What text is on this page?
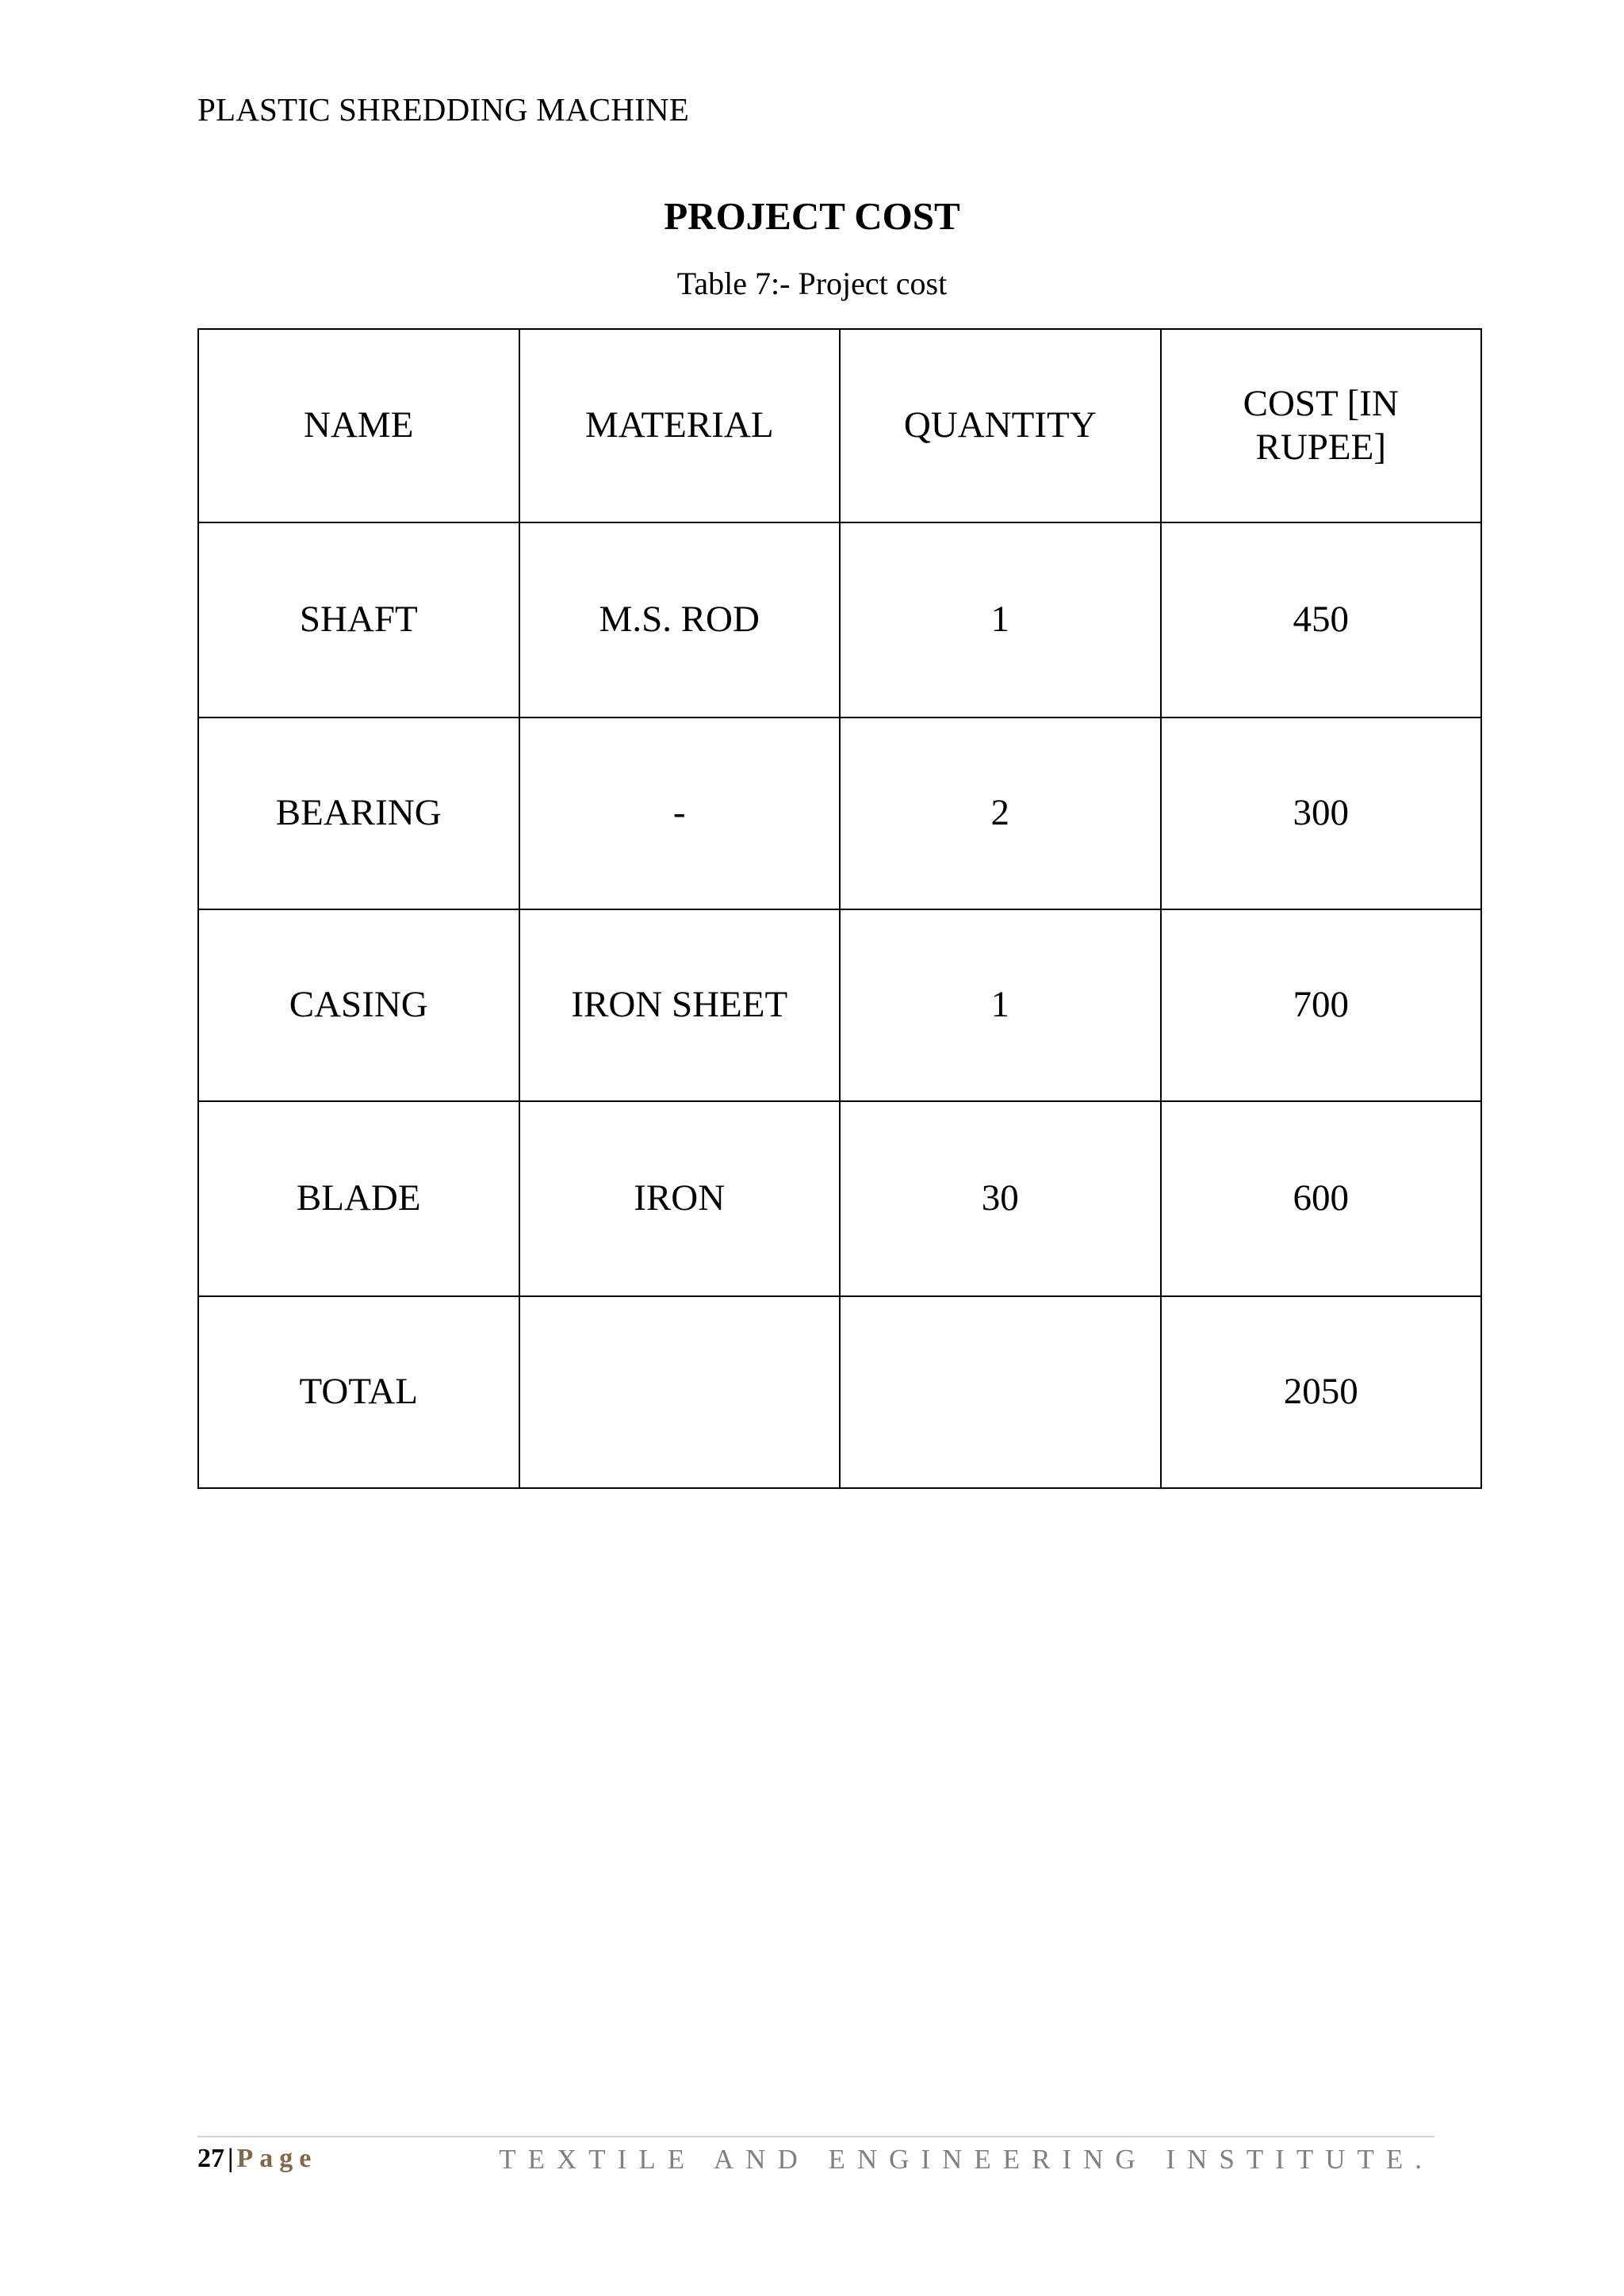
PLASTIC SHREDDING MACHINE
PROJECT COST
Table 7:- Project cost
NAME	MATERIAL	QUANTITY	COST [IN RUPEE]
SHAFT	M.S. ROD	1	450
BEARING	-	2	300
CASING	IRON SHEET	1	700
BLADE	IRON	30	600
TOTAL			2050
27 | Page	TEXTILE AND ENGINEERING INSTITUTE.
